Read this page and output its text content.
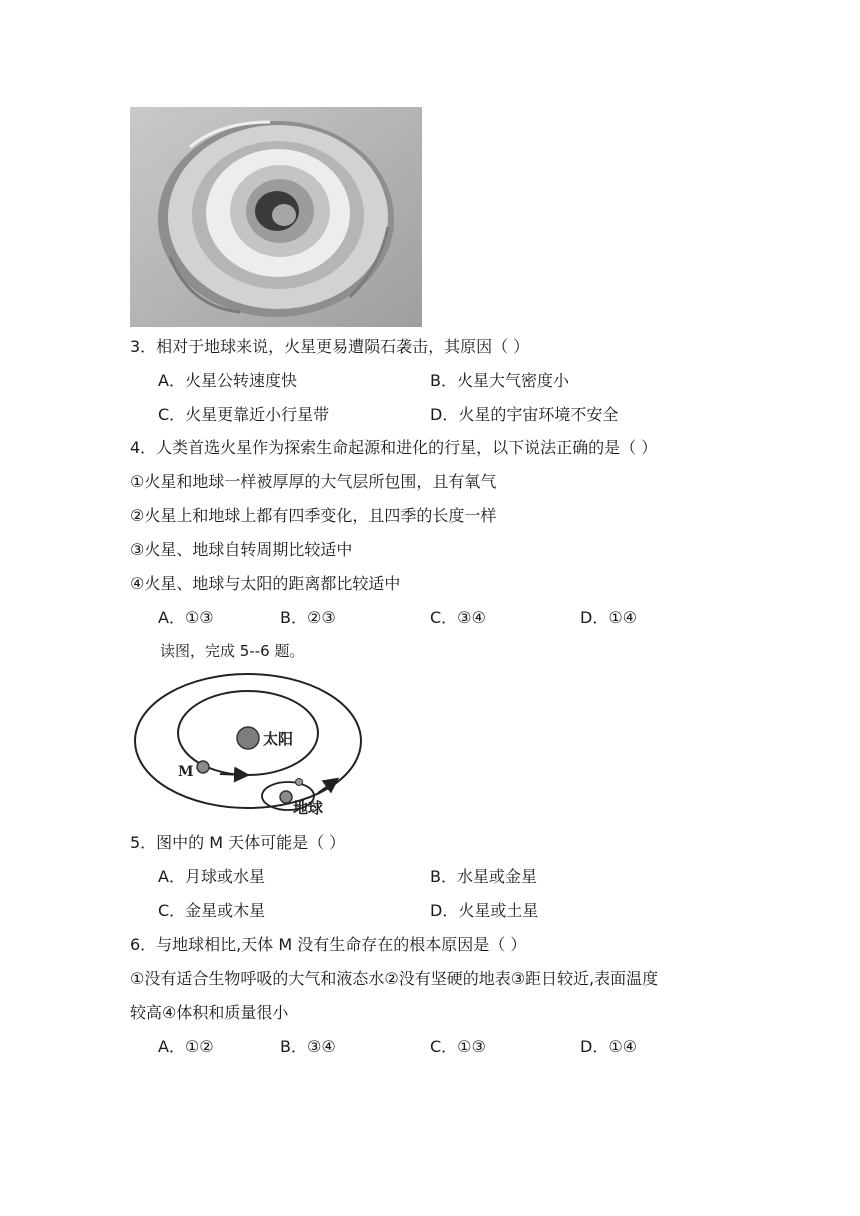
3．相对于地球来说，火星更易遭陨石袭击，其原因（ ）
A．火星公转速度快	B．火星大气密度小
C．火星更靠近小行星带	D．火星的宇宙环境不安全
4．人类首选火星作为探索生命起源和进化的行星，以下说法正确的是（ ）
①火星和地球一样被厚厚的大气层所包围，且有氧气
②火星上和地球上都有四季变化，且四季的长度一样
③火星、地球自转周期比较适中
④火星、地球与太阳的距离都比较适中
A．①③	B．②③	C．③④	D．①④
读图，完成 5--6 题。
太阳
M
地球
5．图中的 M 天体可能是（ ）
A．月球或水星	B．水星或金星
C．金星或木星	D．火星或土星
6．与地球相比,天体 M 没有生命存在的根本原因是（ ）
①没有适合生物呼吸的大气和液态水②没有坚硬的地表③距日较近,表面温度
较高④体积和质量很小
A．①②	B．③④	C．①③	D．①④
